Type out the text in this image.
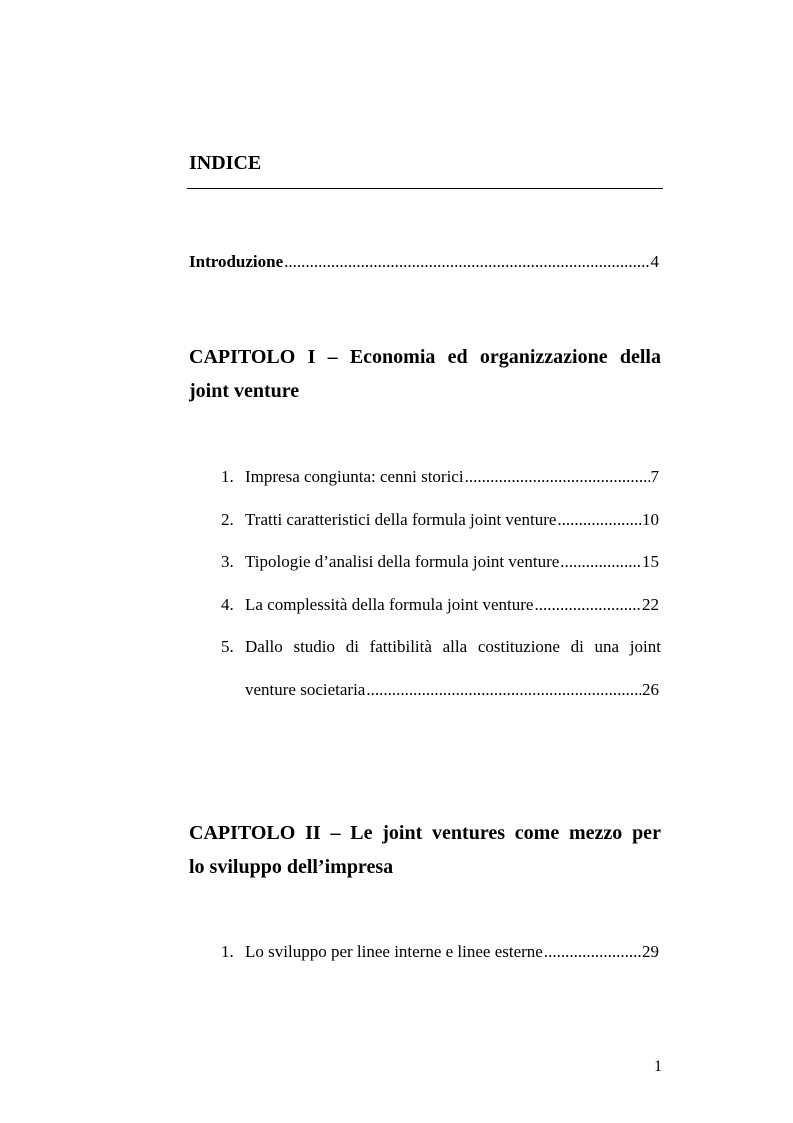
INDICE
Introduzione .....	4
CAPITOLO I – Economia ed organizzazione della
joint venture
1. Impresa congiunta: cenni storici .....	7
2. Tratti caratteristici della formula joint venture .....	10
3. Tipologie d’analisi della formula joint venture .....	15
4. La complessità della formula joint venture .....	22
5. Dallo studio di fattibilità alla costituzione di una joint
venture societaria .....	26
CAPITOLO II – Le joint ventures come mezzo per
lo sviluppo dell’impresa
1. Lo sviluppo per linee interne e linee esterne .....	29
1
